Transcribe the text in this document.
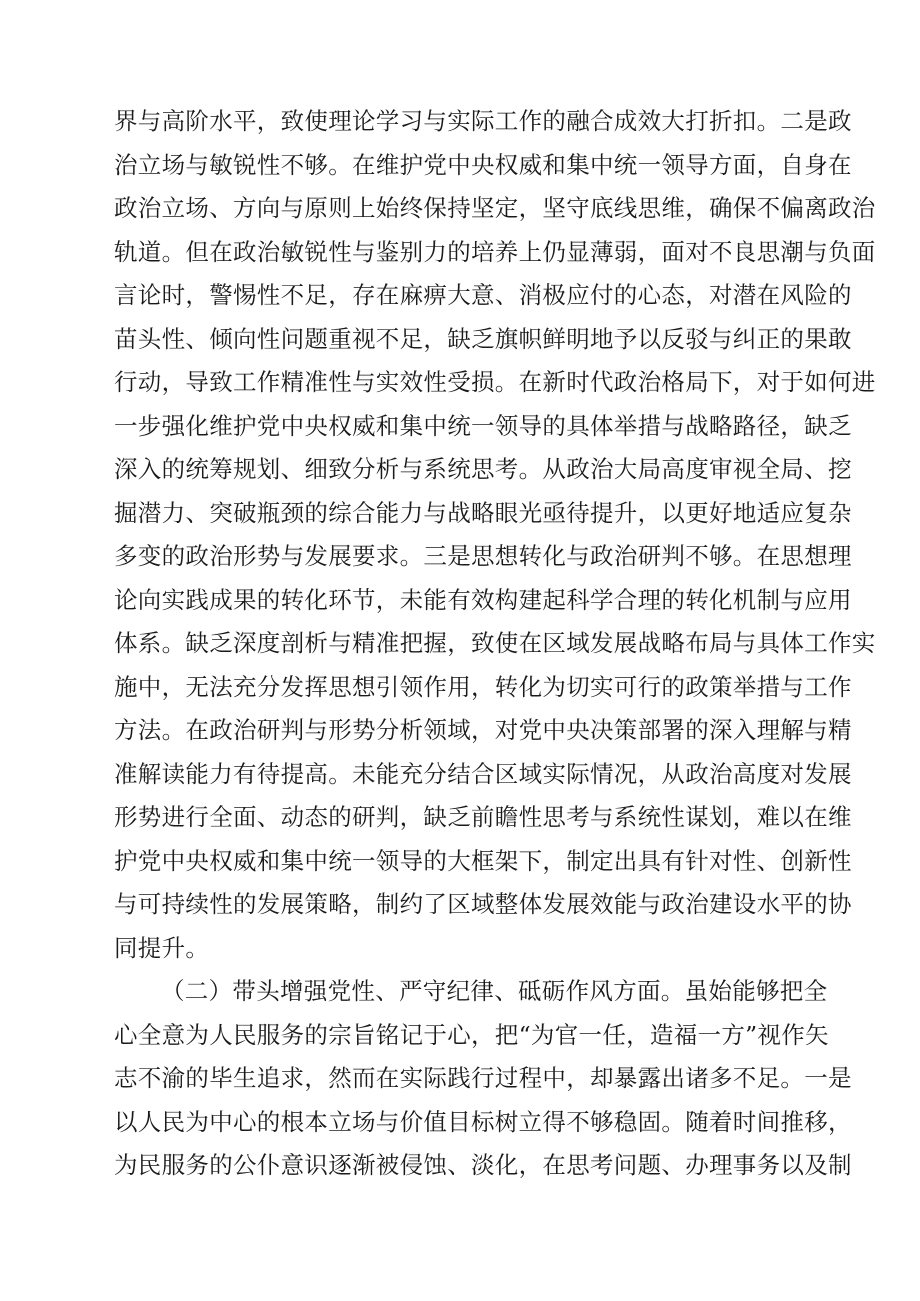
界与高阶水平，致使理论学习与实际工作的融合成效大打折扣。二是政
治立场与敏锐性不够。在维护党中央权威和集中统一领导方面，自身在
政治立场、方向与原则上始终保持坚定，坚守底线思维，确保不偏离政治
轨道。但在政治敏锐性与鉴别力的培养上仍显薄弱，面对不良思潮与负面
言论时，警惕性不足，存在麻痹大意、消极应付的心态，对潜在风险的
苗头性、倾向性问题重视不足，缺乏旗帜鲜明地予以反驳与纠正的果敢
行动，导致工作精准性与实效性受损。在新时代政治格局下，对于如何进
一步强化维护党中央权威和集中统一领导的具体举措与战略路径，缺乏
深入的统筹规划、细致分析与系统思考。从政治大局高度审视全局、挖
掘潜力、突破瓶颈的综合能力与战略眼光亟待提升，以更好地适应复杂
多变的政治形势与发展要求。三是思想转化与政治研判不够。在思想理
论向实践成果的转化环节，未能有效构建起科学合理的转化机制与应用
体系。缺乏深度剖析与精准把握，致使在区域发展战略布局与具体工作实
施中，无法充分发挥思想引领作用，转化为切实可行的政策举措与工作
方法。在政治研判与形势分析领域，对党中央决策部署的深入理解与精
准解读能力有待提高。未能充分结合区域实际情况，从政治高度对发展
形势进行全面、动态的研判，缺乏前瞻性思考与系统性谋划，难以在维
护党中央权威和集中统一领导的大框架下，制定出具有针对性、创新性
与可持续性的发展策略，制约了区域整体发展效能与政治建设水平的协
同提升。
（二）带头增强党性、严守纪律、砥砺作风方面。虽始能够把全
心全意为人民服务的宗旨铭记于心，把“为官一任，造福一方”视作矢
志不渝的毕生追求，然而在实际践行过程中，却暴露出诸多不足。一是
以人民为中心的根本立场与价值目标树立得不够稳固。随着时间推移，
为民服务的公仆意识逐渐被侵蚀、淡化，在思考问题、办理事务以及制
